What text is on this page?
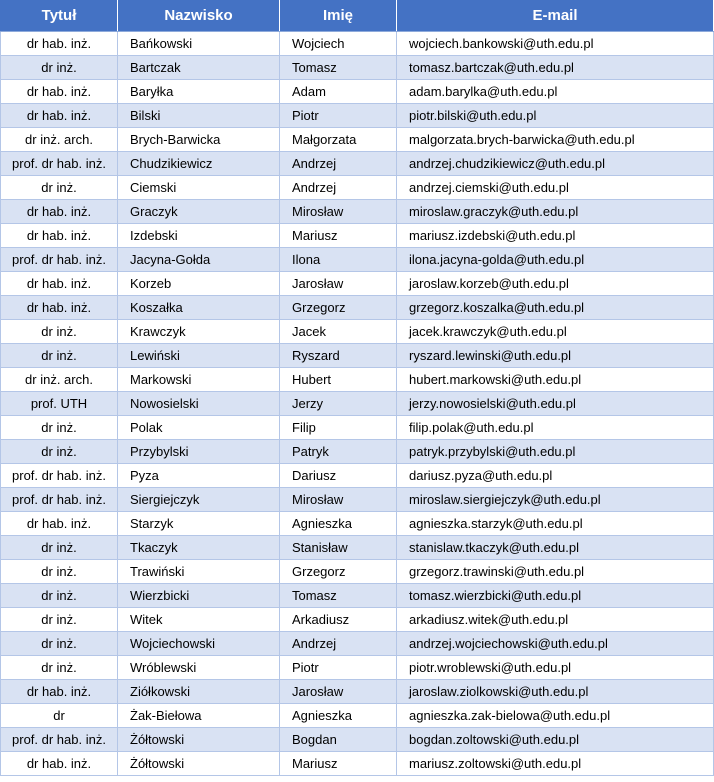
Tytuł	Nazwisko	Imię	E-mail
dr hab. inż.	Bańkowski	Wojciech	wojciech.bankowski@uth.edu.pl
dr inż.	Bartczak	Tomasz	tomasz.bartczak@uth.edu.pl
dr hab. inż.	Baryłka	Adam	adam.barylka@uth.edu.pl
dr hab. inż.	Bilski	Piotr	piotr.bilski@uth.edu.pl
dr inż. arch.	Brych-Barwicka	Małgorzata	malgorzata.brych-barwicka@uth.edu.pl
prof. dr hab. inż.	Chudzikiewicz	Andrzej	andrzej.chudzikiewicz@uth.edu.pl
dr inż.	Ciemski	Andrzej	andrzej.ciemski@uth.edu.pl
dr hab. inż.	Graczyk	Mirosław	miroslaw.graczyk@uth.edu.pl
dr hab. inż.	Izdebski	Mariusz	mariusz.izdebski@uth.edu.pl
prof. dr hab. inż.	Jacyna-Gołda	Ilona	ilona.jacyna-golda@uth.edu.pl
dr hab. inż.	Korzeb	Jarosław	jaroslaw.korzeb@uth.edu.pl
dr hab. inż.	Koszałka	Grzegorz	grzegorz.koszalka@uth.edu.pl
dr inż.	Krawczyk	Jacek	jacek.krawczyk@uth.edu.pl
dr inż.	Lewiński	Ryszard	ryszard.lewinski@uth.edu.pl
dr inż. arch.	Markowski	Hubert	hubert.markowski@uth.edu.pl
prof. UTH	Nowosielski	Jerzy	jerzy.nowosielski@uth.edu.pl
dr inż.	Polak	Filip	filip.polak@uth.edu.pl
dr inż.	Przybylski	Patryk	patryk.przybylski@uth.edu.pl
prof. dr hab. inż.	Pyza	Dariusz	dariusz.pyza@uth.edu.pl
prof. dr hab. inż.	Siergiejczyk	Mirosław	miroslaw.siergiejczyk@uth.edu.pl
dr hab. inż.	Starzyk	Agnieszka	agnieszka.starzyk@uth.edu.pl
dr inż.	Tkaczyk	Stanisław	stanislaw.tkaczyk@uth.edu.pl
dr inż.	Trawiński	Grzegorz	grzegorz.trawinski@uth.edu.pl
dr inż.	Wierzbicki	Tomasz	tomasz.wierzbicki@uth.edu.pl
dr inż.	Witek	Arkadiusz	arkadiusz.witek@uth.edu.pl
dr inż.	Wojciechowski	Andrzej	andrzej.wojciechowski@uth.edu.pl
dr inż.	Wróblewski	Piotr	piotr.wroblewski@uth.edu.pl
dr hab. inż.	Ziółkowski	Jarosław	jaroslaw.ziolkowski@uth.edu.pl
dr	Żak-Biełowa	Agnieszka	agnieszka.zak-bielowa@uth.edu.pl
prof. dr hab. inż.	Żółtowski	Bogdan	bogdan.zoltowski@uth.edu.pl
dr hab. inż.	Żółtowski	Mariusz	mariusz.zoltowski@uth.edu.pl
